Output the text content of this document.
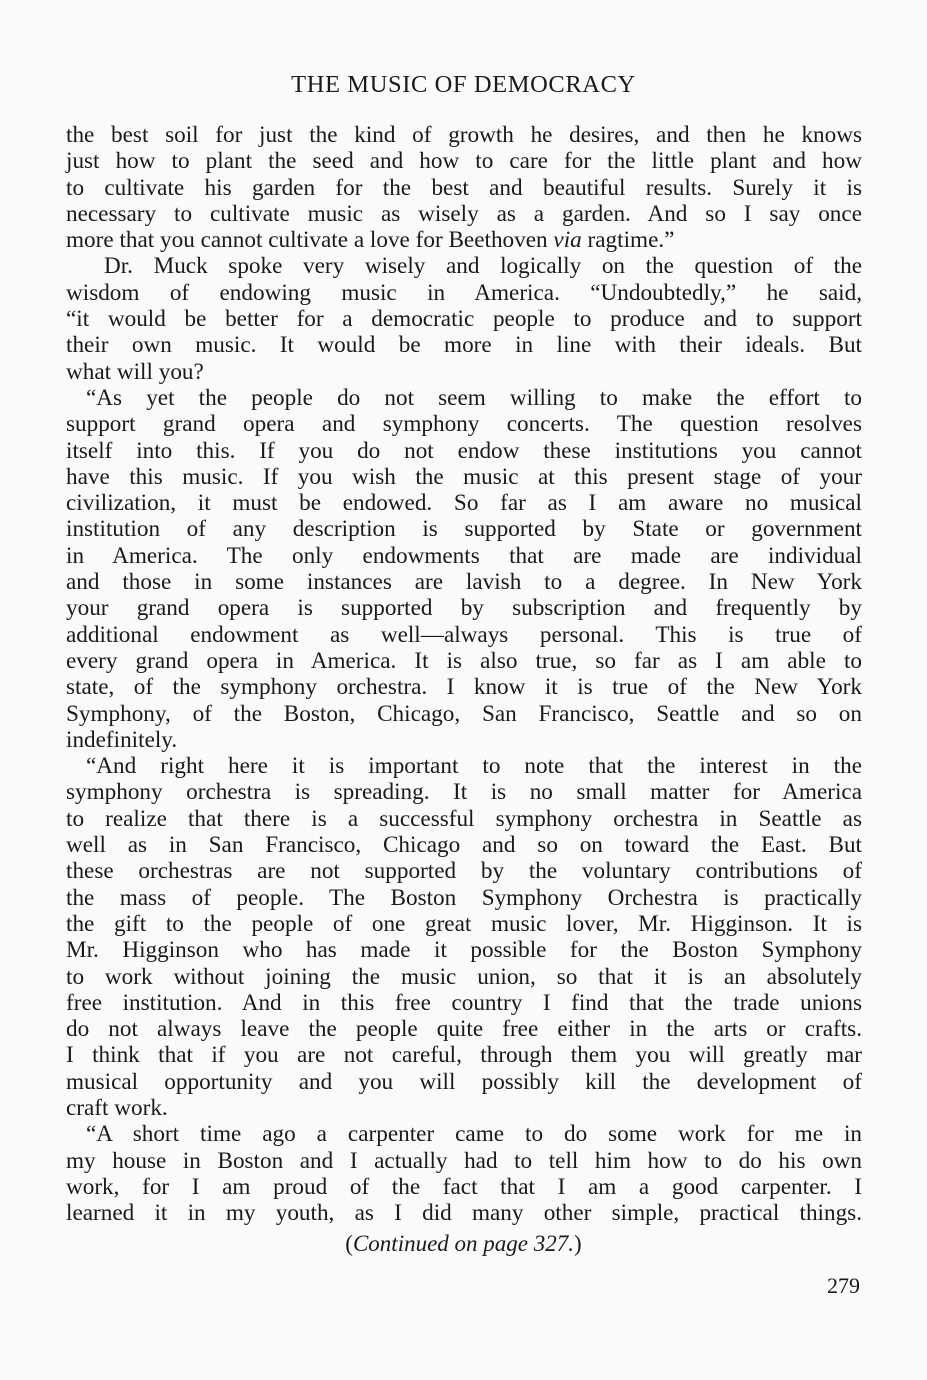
THE MUSIC OF DEMOCRACY
the best soil for just the kind of growth he desires, and then he knows
just how to plant the seed and how to care for the little plant and how
to cultivate his garden for the best and beautiful results. Surely it is
necessary to cultivate music as wisely as a garden. And so I say once
more that you cannot cultivate a love for Beethoven via ragtime.”
Dr. Muck spoke very wisely and logically on the question of the
wisdom of endowing music in America. “Undoubtedly,” he said,
“it would be better for a democratic people to produce and to support
their own music. It would be more in line with their ideals. But
what will you?
“As yet the people do not seem willing to make the effort to
support grand opera and symphony concerts. The question resolves
itself into this. If you do not endow these institutions you cannot
have this music. If you wish the music at this present stage of your
civilization, it must be endowed. So far as I am aware no musical
institution of any description is supported by State or government
in America. The only endowments that are made are individual
and those in some instances are lavish to a degree. In New York
your grand opera is supported by subscription and frequently by
additional endowment as well—always personal. This is true of
every grand opera in America. It is also true, so far as I am able to
state, of the symphony orchestra. I know it is true of the New York
Symphony, of the Boston, Chicago, San Francisco, Seattle and so on
indefinitely.
“And right here it is important to note that the interest in the
symphony orchestra is spreading. It is no small matter for America
to realize that there is a successful symphony orchestra in Seattle as
well as in San Francisco, Chicago and so on toward the East. But
these orchestras are not supported by the voluntary contributions of
the mass of people. The Boston Symphony Orchestra is practically
the gift to the people of one great music lover, Mr. Higginson. It is
Mr. Higginson who has made it possible for the Boston Symphony
to work without joining the music union, so that it is an absolutely
free institution. And in this free country I find that the trade unions
do not always leave the people quite free either in the arts or crafts.
I think that if you are not careful, through them you will greatly mar
musical opportunity and you will possibly kill the development of
craft work.
“A short time ago a carpenter came to do some work for me in
my house in Boston and I actually had to tell him how to do his own
work, for I am proud of the fact that I am a good carpenter. I
learned it in my youth, as I did many other simple, practical things.
(Continued on page 327.)
279
